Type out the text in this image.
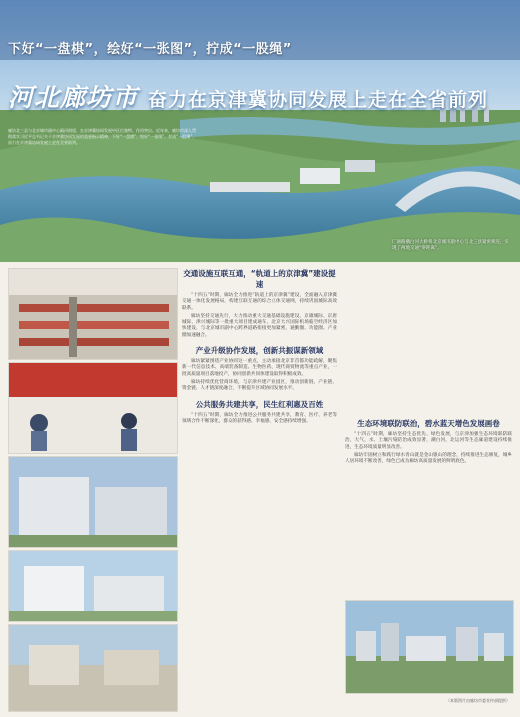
下好“一盘棋”，绘好“一张图”，拧成“一股绳”
河北廊坊市 奋力在京津冀协同发展上走在全省前列
廊坊北三县与北京城市副中心隔河相望，在京津冀协同发展中区位独特、作用突出。近年来，廊坊市深入贯彻落实习近平总书记关于京津冀协同发展的重要指示精神，下好“一盘棋”，绘好“一张图”，拧成“一股绳”，奋力在京津冀协同发展上走在全省前列。
厂通路潮白河大桥将北京城市副中心与北三县紧密相连，实现了两地交通“零距离”。
交通设施互联互通，“轨道上的京津冀”建设提速

“十四五”时期，廊坊全力推进“轨道上的京津冀”建设，全面融入京津冀交通一体化发展格局，构建互联互通的综合立体交通网，持续巩固城际高效联系。

廊坊坚持交通先行，大力推动重大交通基础设施建设，京雄城际、京唐城际、津兴城际等一批重大项目建成通车，北京大兴国际机场临空经济区加快建设，与北京城市副中心跨界道路衔接更加紧密，通勤圈、功能圈、产业圈加速融合。

产业升级协作发展，创新共振谋新领域

廊坊紧紧围绕产业协同这一重点，主动承接北京非首都功能疏解，聚焦新一代信息技术、高端装备制造、生物医药、现代商贸物流等重点产业，一批高质量项目落地投产，协同创新共同体建设取得积极成效。

廊坊持续优化营商环境，与京津共建产业园区，推动创新链、产业链、资金链、人才链深度融合，不断提升区域协同发展水平。

公共服务共建共享，民生红利惠及百姓

“十四五”时期，廊坊全力推进公共服务共建共享，教育、医疗、养老等领域合作不断深化，群众的获得感、幸福感、安全感持续增强。	生态环境联防联治，碧水蓝天增色发展画卷

“十四五”时期，廊坊坚持生态优先、绿色发展，与京津加强生态环境联防联治，大气、水、土壤污染防治成效显著，潮白河、北运河等生态廊道建设持续推进，生态环境质量明显改善。

廊坊牢固树立和践行绿水青山就是金山银山的理念，持续推进生态修复，城乡人居环境不断改善，绿色已成为廊坊高质量发展的鲜明底色。

（本版图片由廊坊市委宣传部提供）
